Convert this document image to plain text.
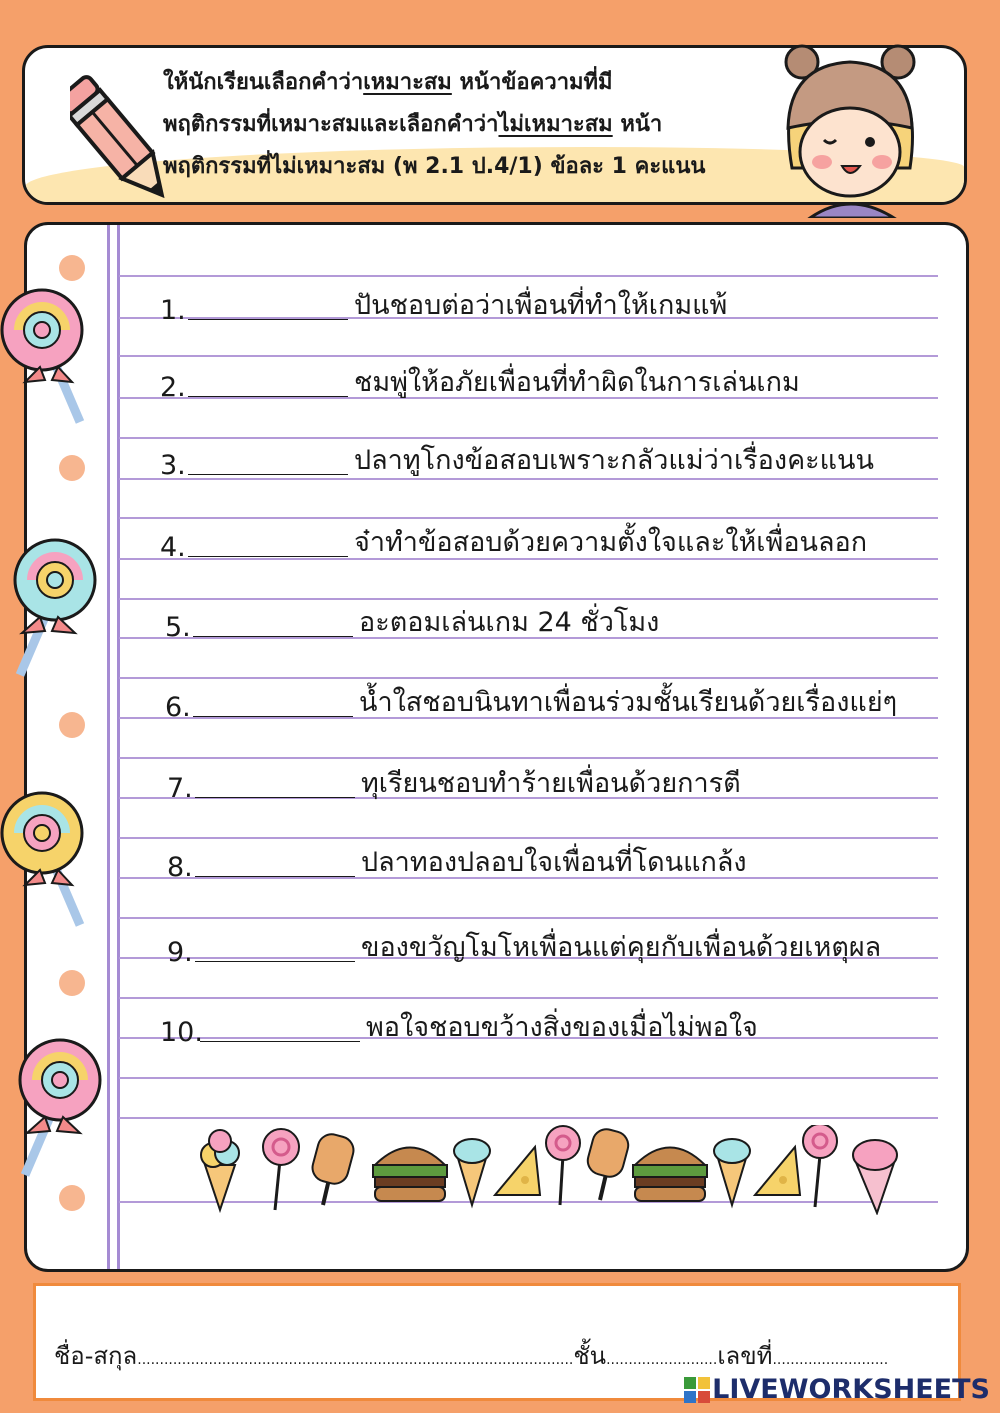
ให้นักเรียนเลือกคำว่าเหมาะสม หน้าข้อความที่มี
พฤติกรรมที่เหมาะสมและเลือกคำว่าไม่เหมาะสม หน้า
พฤติกรรมที่ไม่เหมาะสม (พ 2.1 ป.4/1) ข้อละ 1 คะแนน
1.	ปันชอบต่อว่าเพื่อนที่ทำให้เกมแพ้
2.	ชมพู่ให้อภัยเพื่อนที่ทำผิดในการเล่นเกม
3.	ปลาทูโกงข้อสอบเพราะกลัวแม่ว่าเรื่องคะแนน
4.	จ๋าทำข้อสอบด้วยความตั้งใจและให้เพื่อนลอก
5.	อะตอมเล่นเกม 24 ชั่วโมง
6.	น้ำใสชอบนินทาเพื่อนร่วมชั้นเรียนด้วยเรื่องแย่ๆ
7.	ทุเรียนชอบทำร้ายเพื่อนด้วยการตี
8.	ปลาทองปลอบใจเพื่อนที่โดนแกล้ง
9.	ของขวัญโมโหเพื่อนแต่คุยกับเพื่อนด้วยเหตุผล
10.	พอใจชอบขว้างสิ่งของเมื่อไม่พอใจ
ชื่อ-สกุล..................................................................................................ชั้น.........................เลขที่..........................
LIVEWORKSHEETS
